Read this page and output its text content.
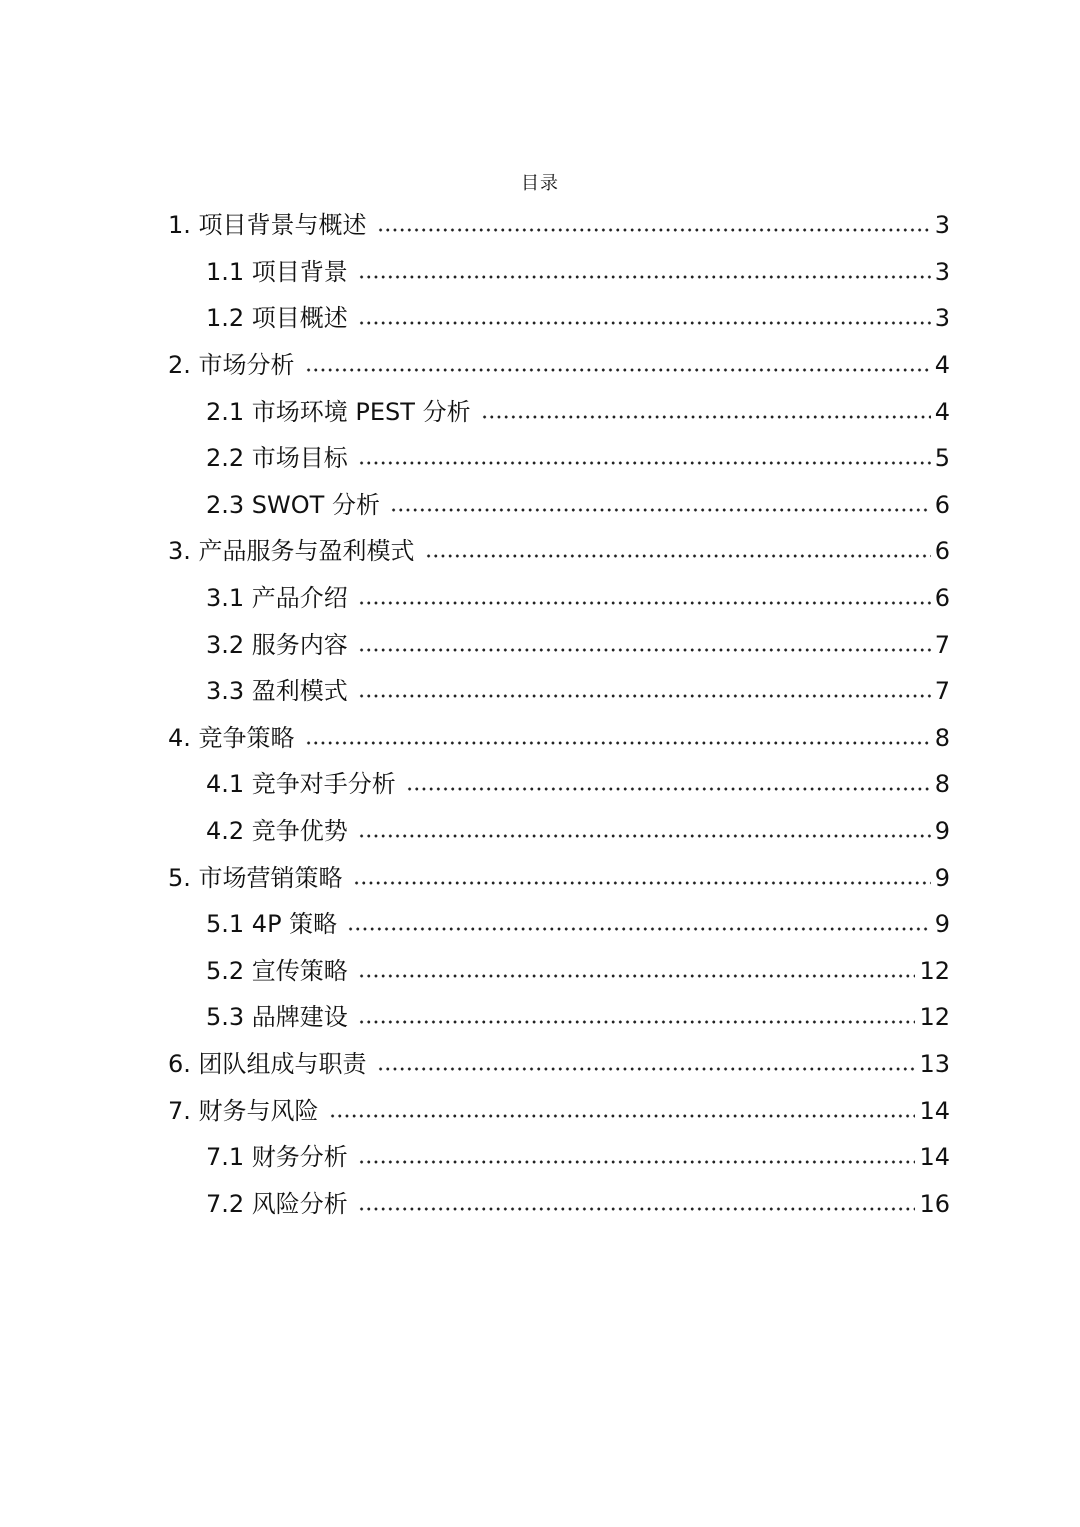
目录
1. 项目背景与概述	3
1.1 项目背景	3
1.2 项目概述	3
2. 市场分析	4
2.1 市场环境 PEST 分析	4
2.2 市场目标	5
2.3 SWOT 分析	6
3. 产品服务与盈利模式	6
3.1 产品介绍	6
3.2 服务内容	7
3.3 盈利模式	7
4. 竞争策略	8
4.1 竞争对手分析	8
4.2 竞争优势	9
5. 市场营销策略	9
5.1 4P 策略	9
5.2 宣传策略	12
5.3 品牌建设	12
6. 团队组成与职责	13
7. 财务与风险	14
7.1 财务分析	14
7.2 风险分析	16
